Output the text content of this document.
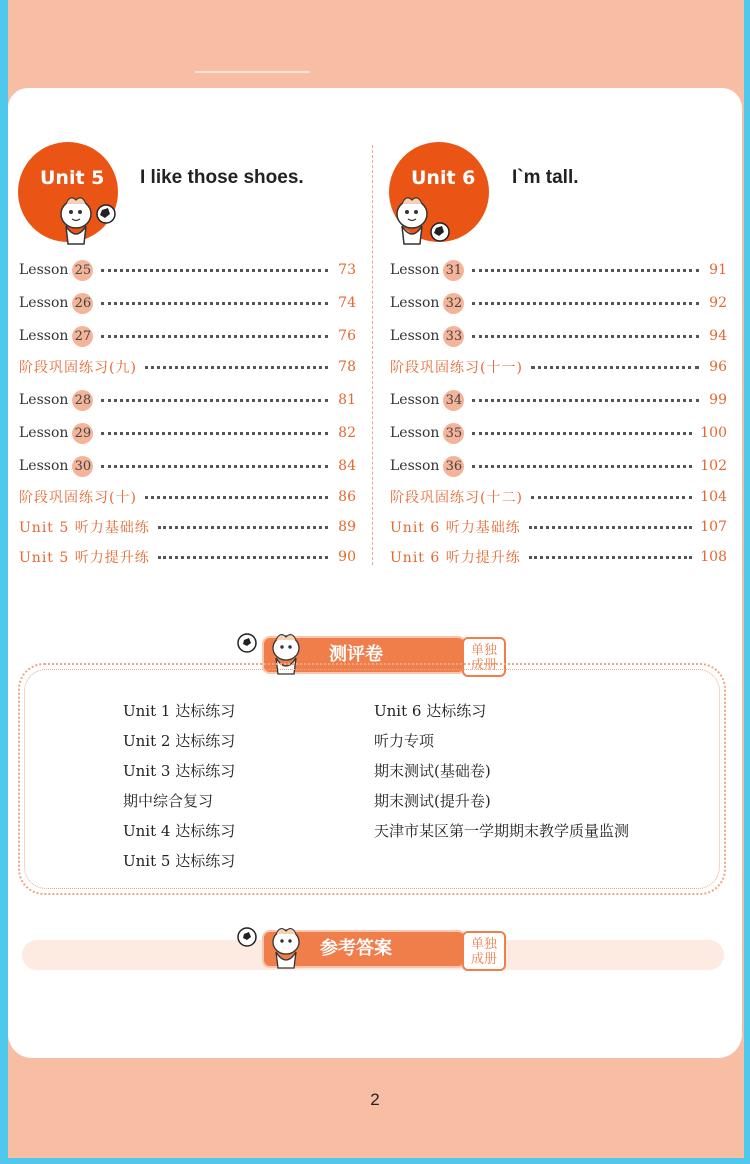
Unit 5 I like those shoes.	Unit 6 I`m tall.
Lesson 25	73
Lesson 26	74
Lesson 27	76
阶段巩固练习(九)	78
Lesson 28	81
Lesson 29	82
Lesson 30	84
阶段巩固练习(十)	86
Unit 5 听力基础练	89
Unit 5 听力提升练	90
Lesson 31	91
Lesson 32	92
Lesson 33	94
阶段巩固练习(十一)	96
Lesson 34	99
Lesson 35	100
Lesson 36	102
阶段巩固练习(十二)	104
Unit 6 听力基础练	107
Unit 6 听力提升练	108
测评卷	单独
成册
Unit 1 达标练习
Unit 2 达标练习
Unit 3 达标练习
期中综合复习
Unit 4 达标练习
Unit 5 达标练习
Unit 6 达标练习
听力专项
期末测试(基础卷)
期末测试(提升卷)
天津市某区第一学期期末教学质量监测
参考答案	单独
成册
2
